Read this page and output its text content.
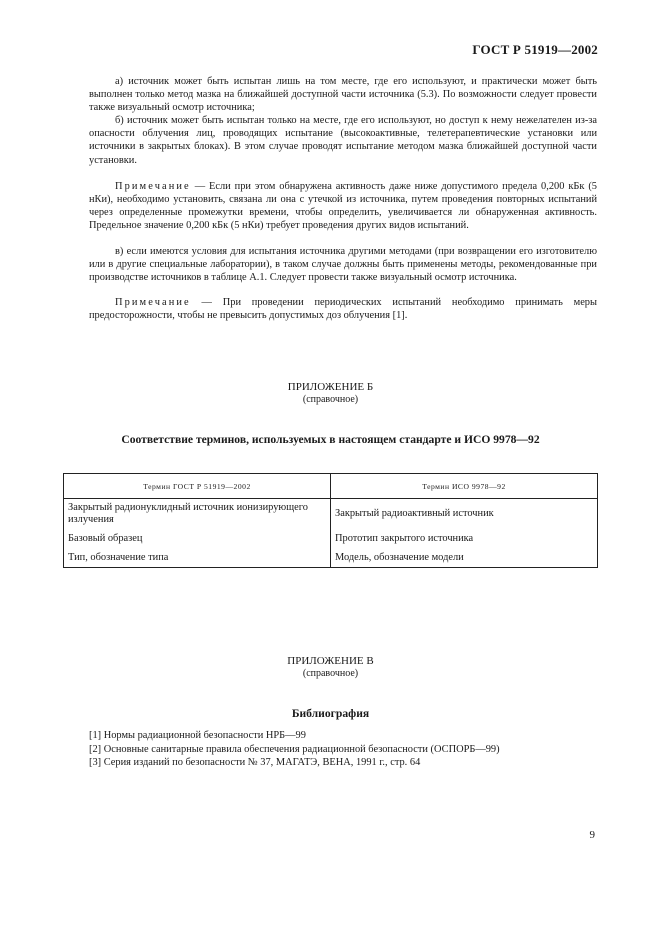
ГОСТ Р 51919—2002

а) источник может быть испытан лишь на том месте, где его используют, и практически может быть выполнен только метод мазка на ближайшей доступной части источника (5.3). По возможности следует провести также визуальный осмотр источника;

б) источник может быть испытан только на месте, где его используют, но доступ к нему нежелателен из-за опасности облучения лиц, проводящих испытание (высокоактивные, телетерапевтические установки или источники в закрытых блоках). В этом случае проводят испытание методом мазка ближайшей доступной части установки.

Примечание — Если при этом обнаружена активность даже ниже допустимого предела 0,200 кБк (5 нКи), необходимо установить, связана ли она с утечкой из источника, путем проведения повторных испытаний через определенные промежутки времени, чтобы определить, увеличивается ли обнаруженная активность. Предельное значение 0,200 кБк (5 нКи) требует проведения других видов испытаний.

в) если имеются условия для испытания источника другими методами (при возвращении его изготовителю или в другие специальные лаборатории), в таком случае должны быть применены методы, рекомендованные при производстве источников в таблице А.1. Следует провести также визуальный осмотр источника.

Примечание — При проведении периодических испытаний необходимо принимать меры предосторожности, чтобы не превысить допустимых доз облучения [1].

ПРИЛОЖЕНИЕ Б
(справочное)
Соответствие терминов, используемых в настоящем стандарте и ИСО 9978—92
Термин ГОСТ Р 51919—2002	Термин ИСО 9978—92
Закрытый радионуклидный источник ионизирующего излучения	Закрытый радиоактивный источник
Базовый образец	Прототип закрытого источника
Тип, обозначение типа	Модель, обозначение модели
ПРИЛОЖЕНИЕ В
(справочное)
Библиография
[1] Нормы радиационной безопасности НРБ—99
[2] Основные санитарные правила обеспечения радиационной безопасности (ОСПОРБ—99)
[3] Серия изданий по безопасности № 37, МАГАТЭ, ВЕНА, 1991 г., стр. 64
9
